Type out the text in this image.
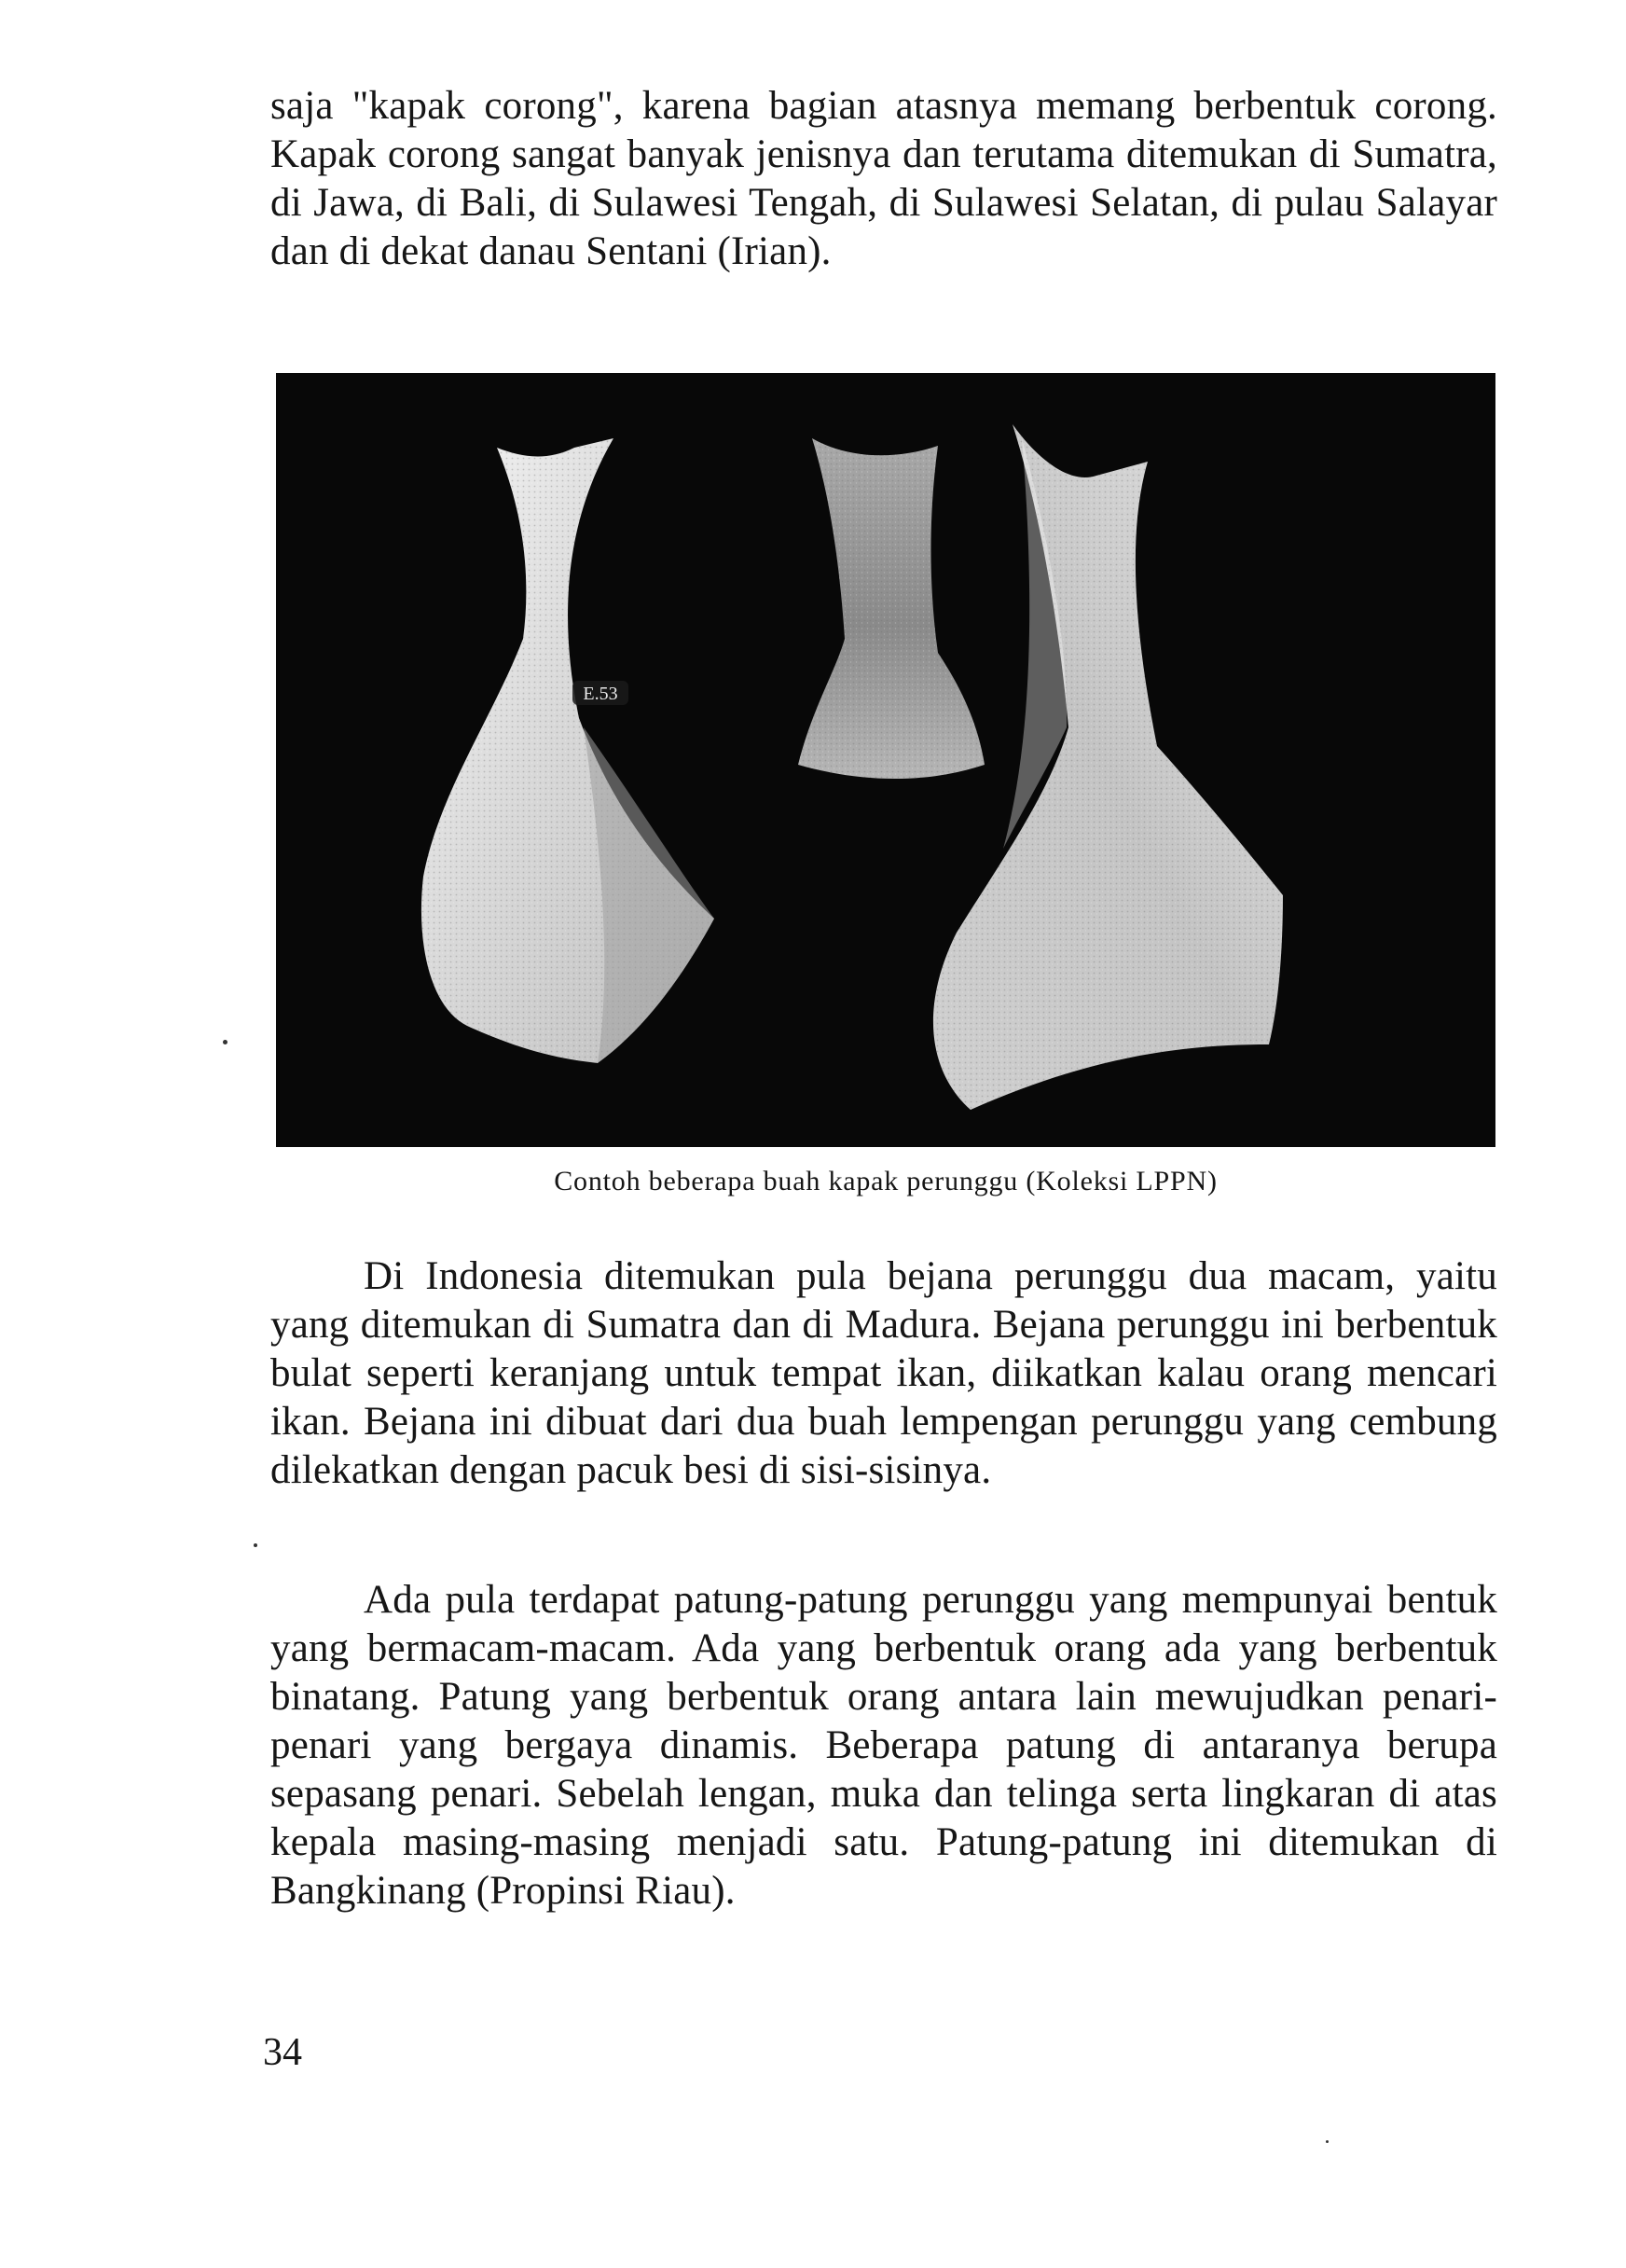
saja "kapak corong", karena bagian atasnya memang berbentuk corong. Kapak corong sangat banyak jenisnya dan terutama ditemukan di Sumatra, di Jawa, di Bali, di Sulawesi Tengah, di Sulawesi Selatan, di pulau Salayar dan di dekat danau Sentani (Irian).

E.53

Contoh beberapa buah kapak perunggu (Koleksi LPPN)

Di Indonesia ditemukan pula bejana perunggu dua macam, yaitu yang ditemukan di Sumatra dan di Madura. Bejana perunggu ini berbentuk bulat seperti keranjang untuk tempat ikan, diikatkan kalau orang mencari ikan. Bejana ini dibuat dari dua buah lempengan perunggu yang cembung dilekatkan dengan pacuk besi di sisi-sisinya.

Ada pula terdapat patung-patung perunggu yang mempunyai bentuk yang bermacam-macam. Ada yang berbentuk orang ada yang berbentuk binatang. Patung yang berbentuk orang antara lain mewujudkan penari-penari yang bergaya dinamis. Beberapa patung di antaranya berupa sepasang penari. Sebelah lengan, muka dan telinga serta lingkaran di atas kepala masing-masing menjadi satu. Patung-patung ini ditemukan di Bangkinang (Propinsi Riau).

34
